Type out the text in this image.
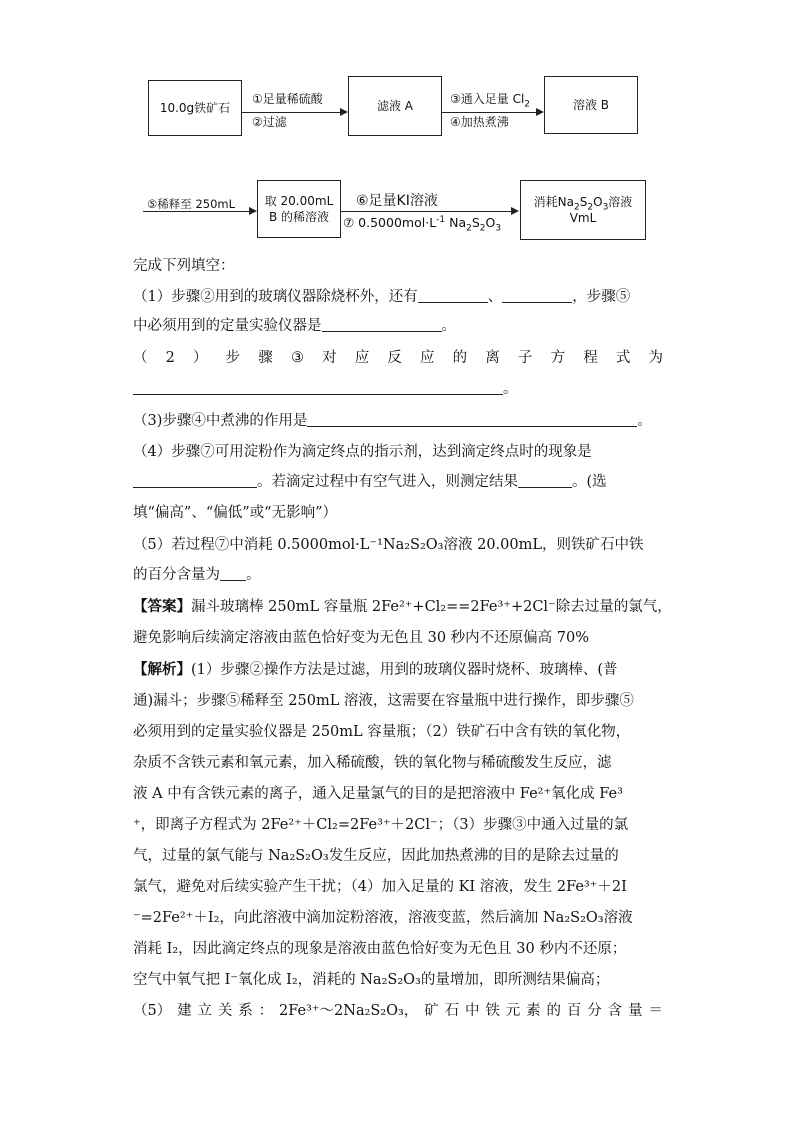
10.0g铁矿石
①足量稀硫酸
②过滤
滤液 A	③通入足量 $Cl_2$
④加热煮沸
溶液 B
⑤稀释至 250mL 取 20.00mL
B 的稀溶液
⑥足量KI溶液
⑦ $0.5000mol\cdot L^{-1}$ $Na_2S_2O_3$
消耗$Na_2S_2O_3$溶液
VmL
完成下列填空：
（1）步骤②用到的玻璃仪器除烧杯外，还有	、	，步骤⑤
中必须用到的定量实验仪器是	。
（ 2 ） 步 骤 ③ 对 应 反 应 的 离 子 方 程 式 为
。
（3)步骤④中煮沸的作用是	。
（4）步骤⑦可用淀粉作为滴定终点的指示剂，达到滴定终点时的现象是
。若滴定过程中有空气进入，则测定结果	。(选
填“偏高”、“偏低”或“无影响”）
（5）若过程⑦中消耗 0.5000mol·L⁻¹Na₂S₂O₃溶液 20.00mL，则铁矿石中铁
的百分含量为 。
【答案】漏斗玻璃棒 250mL 容量瓶 2Fe²⁺+Cl₂==2Fe³⁺+2Cl⁻除去过量的氯气，
避免影响后续滴定溶液由蓝色恰好变为无色且 30 秒内不还原偏高 70%
【解析】(1）步骤②操作方法是过滤，用到的玻璃仪器时烧杯、玻璃棒、(普
通)漏斗；步骤⑤稀释至 250mL 溶液，这需要在容量瓶中进行操作，即步骤⑤
必须用到的定量实验仪器是 250mL 容量瓶；（2）铁矿石中含有铁的氧化物，
杂质不含铁元素和氧元素，加入稀硫酸，铁的氧化物与稀硫酸发生反应，滤
液 A 中有含铁元素的离子，通入足量氯气的目的是把溶液中 Fe²⁺氧化成 Fe³
⁺，即离子方程式为 2Fe²⁺＋Cl₂=2Fe³⁺＋2Cl⁻；（3）步骤③中通入过量的氯
气，过量的氯气能与 Na₂S₂O₃发生反应，因此加热煮沸的目的是除去过量的
氯气，避免对后续实验产生干扰；（4）加入足量的 KI 溶液，发生 2Fe³⁺＋2I
⁻=2Fe²⁺＋I₂，向此溶液中滴加淀粉溶液，溶液变蓝，然后滴加 Na₂S₂O₃溶液
消耗 I₂，因此滴定终点的现象是溶液由蓝色恰好变为无色且 30 秒内不还原；
空气中氧气把 I⁻氧化成 I₂，消耗的 Na₂S₂O₃的量增加，即所测结果偏高；
（5） 建 立 关 系 ： 2Fe³⁺～2Na₂S₂O₃， 矿 石 中 铁 元 素 的 百 分 含 量 ＝
